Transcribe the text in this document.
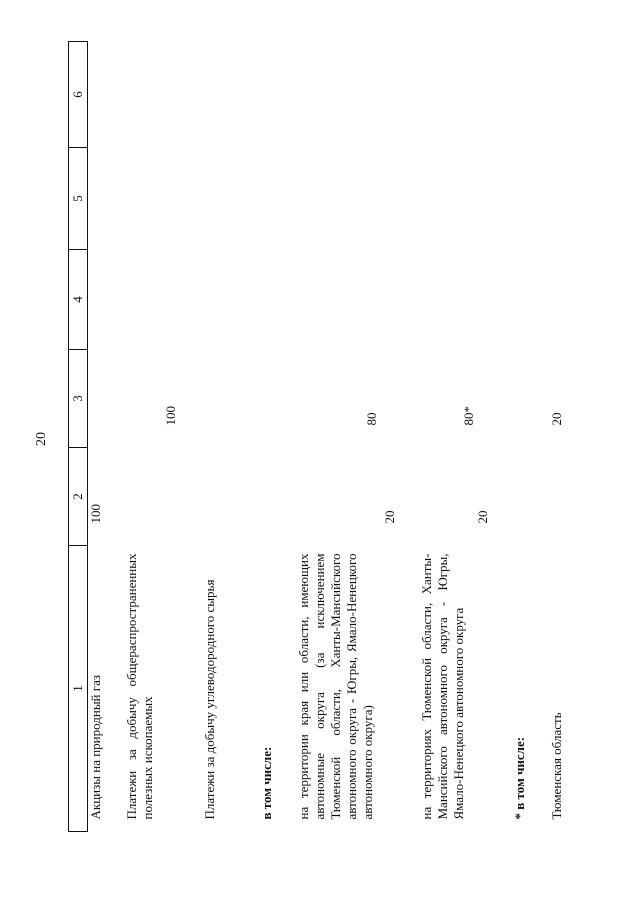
20
1	2	3	4	5	6
Акцизы на природный газ	100				

Платежи за добычу общераспространенных полезных ископаемых		100			

Платежи за добычу углеводородного сырья					

в том числе:					

на территории края или области, имеющих автономные округа (за исключением Тюменской области, Ханты-Мансийского автономного округа - Югры, Ямало-Ненецкого автономного округа)	20	80			

на территориях Тюменской области, Ханты-Мансийского автономного округа - Югры, Ямало-Ненецкого автономного округа	20	80*			

* в том числе:					

Тюменская область		20			
